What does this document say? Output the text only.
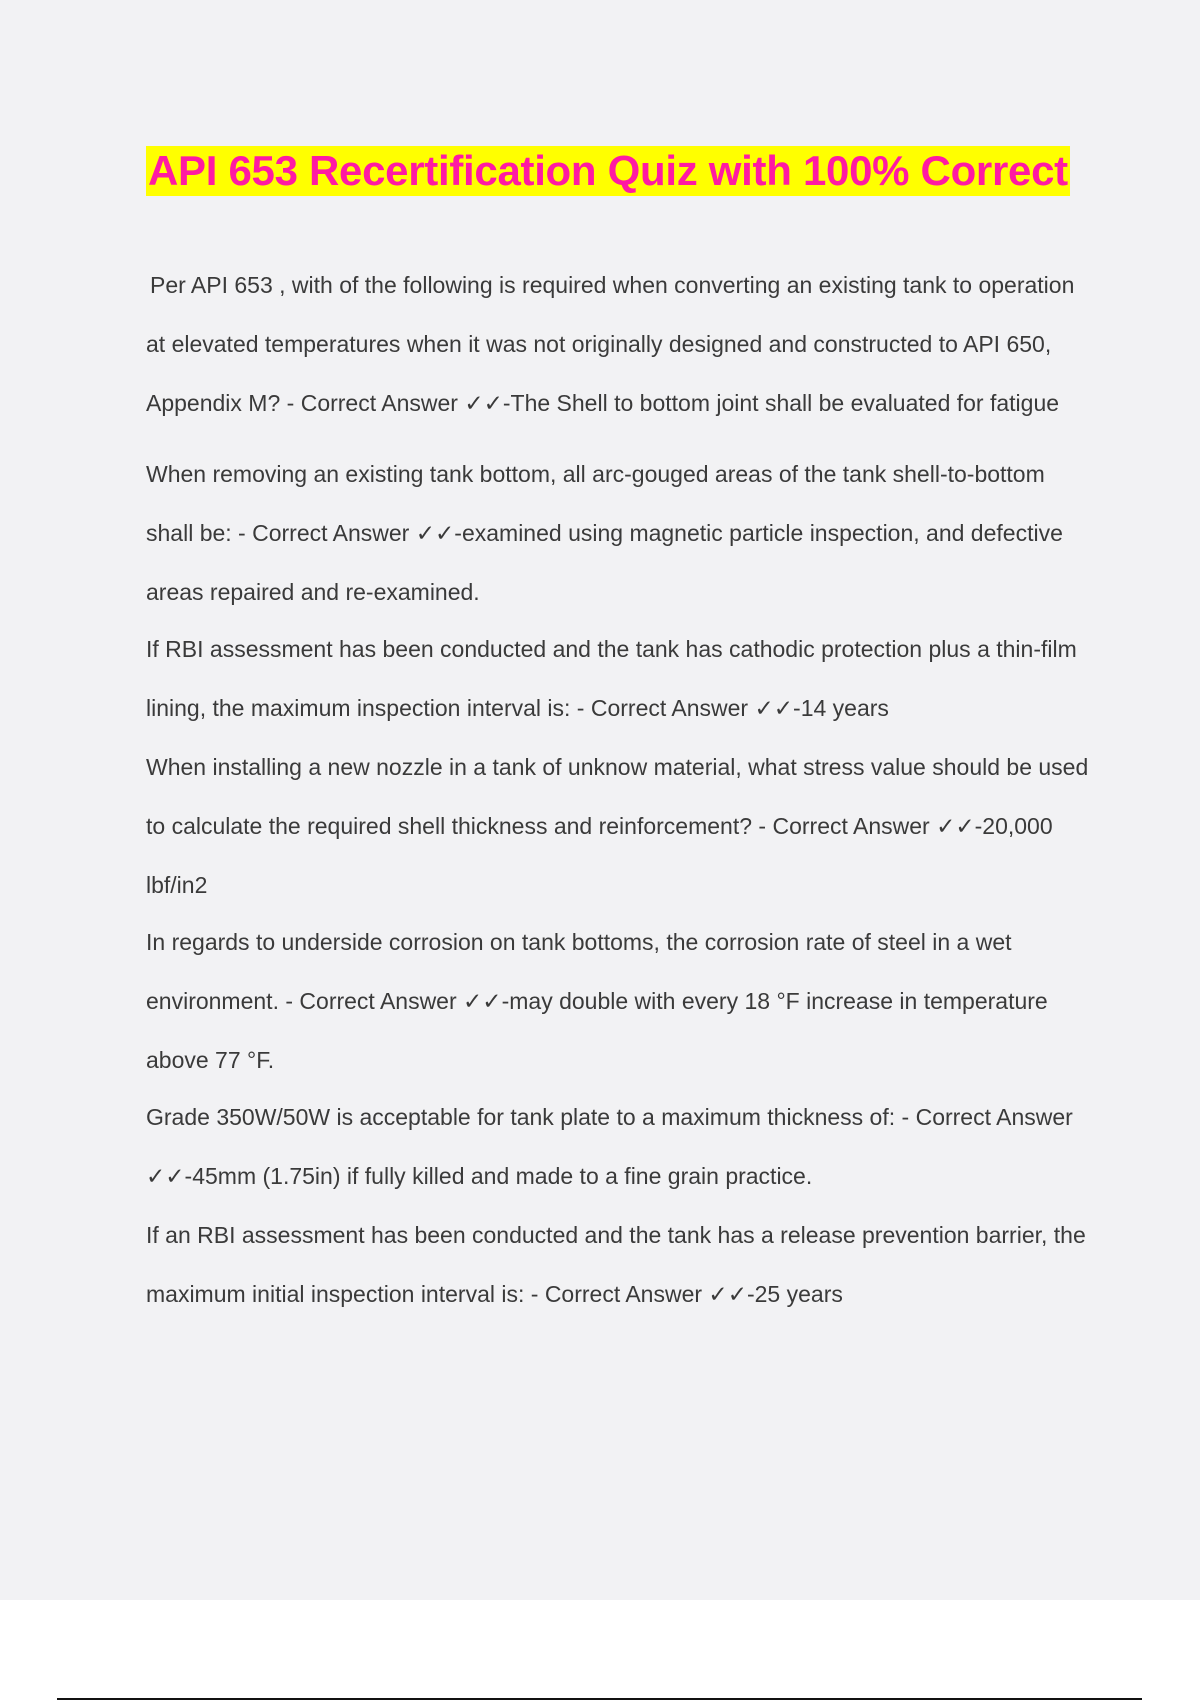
API 653 Recertification Quiz with 100% Correct

Per API 653 , with of the following is required when converting an existing tank to operation at elevated temperatures when it was not originally designed and constructed to API 650, Appendix M? - Correct Answer ✓✓-The Shell to bottom joint shall be evaluated for fatigue

When removing an existing tank bottom, all arc-gouged areas of the tank shell-to-bottom shall be: - Correct Answer ✓✓-examined using magnetic particle inspection, and defective areas repaired and re-examined.

If RBI assessment has been conducted and the tank has cathodic protection plus a thin-film lining, the maximum inspection interval is: - Correct Answer ✓✓-14 years

When installing a new nozzle in a tank of unknow material, what stress value should be used to calculate the required shell thickness and reinforcement? - Correct Answer ✓✓-20,000 lbf/in2

In regards to underside corrosion on tank bottoms, the corrosion rate of steel in a wet environment. - Correct Answer ✓✓-may double with every 18 °F increase in temperature above 77 °F.

Grade 350W/50W is acceptable for tank plate to a maximum thickness of: - Correct Answer ✓✓-45mm (1.75in) if fully killed and made to a fine grain practice.

If an RBI assessment has been conducted and the tank has a release prevention barrier, the maximum initial inspection interval is: - Correct Answer ✓✓-25 years
